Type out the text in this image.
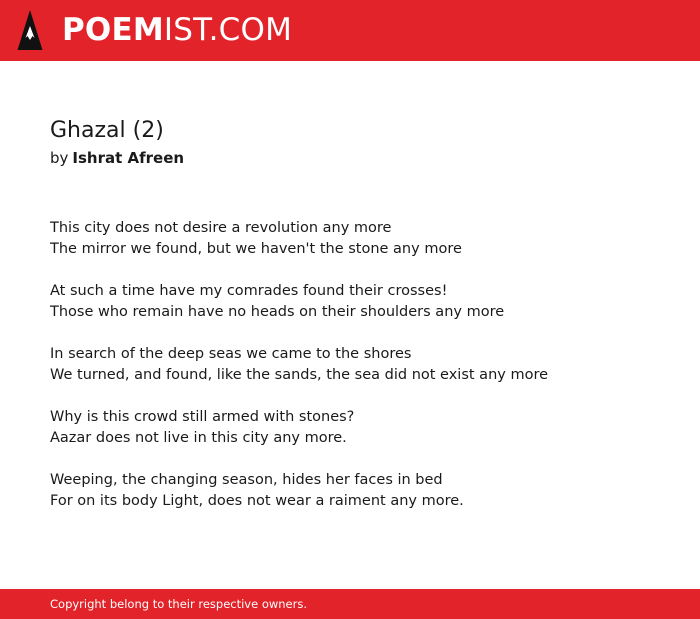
POEMIST.COM
Ghazal (2)
by Ishrat Afreen
This city does not desire a revolution any more
The mirror we found, but we haven't the stone any more
At such a time have my comrades found their crosses!
Those who remain have no heads on their shoulders any more
In search of the deep seas we came to the shores
We turned, and found, like the sands, the sea did not exist any more
Why is this crowd still armed with stones?
Aazar does not live in this city any more.
Weeping, the changing season, hides her faces in bed
For on its body Light, does not wear a raiment any more.
Copyright belong to their respective owners.
